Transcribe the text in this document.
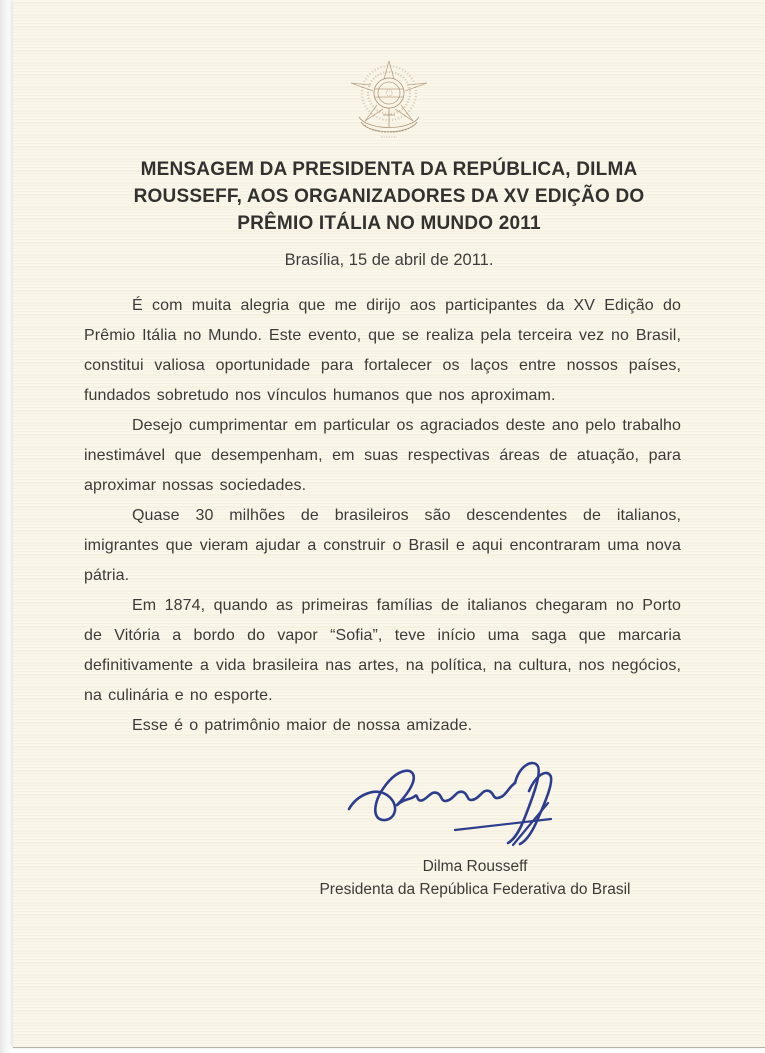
MENSAGEM DA PRESIDENTA DA REPÚBLICA, DILMA
ROUSSEFF, AOS ORGANIZADORES DA XV EDIÇÃO DO
PRÊMIO ITÁLIA NO MUNDO 2011
Brasília, 15 de abril de 2011.

É com muita alegria que me dirijo aos participantes da XV Edição do Prêmio Itália no Mundo. Este evento, que se realiza pela terceira vez no Brasil, constitui valiosa oportunidade para fortalecer os laços entre nossos países, fundados sobretudo nos vínculos humanos que nos aproximam.

Desejo cumprimentar em particular os agraciados deste ano pelo trabalho inestimável que desempenham, em suas respectivas áreas de atuação, para aproximar nossas sociedades.

Quase 30 milhões de brasileiros são descendentes de italianos, imigrantes que vieram ajudar a construir o Brasil e aqui encontraram uma nova pátria.

Em 1874, quando as primeiras famílias de italianos chegaram no Porto de Vitória a bordo do vapor “Sofia”, teve início uma saga que marcaria definitivamente a vida brasileira nas artes, na política, na cultura, nos negócios, na culinária e no esporte.

Esse é o patrimônio maior de nossa amizade.

Dilma Rousseff
Presidenta da República Federativa do Brasil
